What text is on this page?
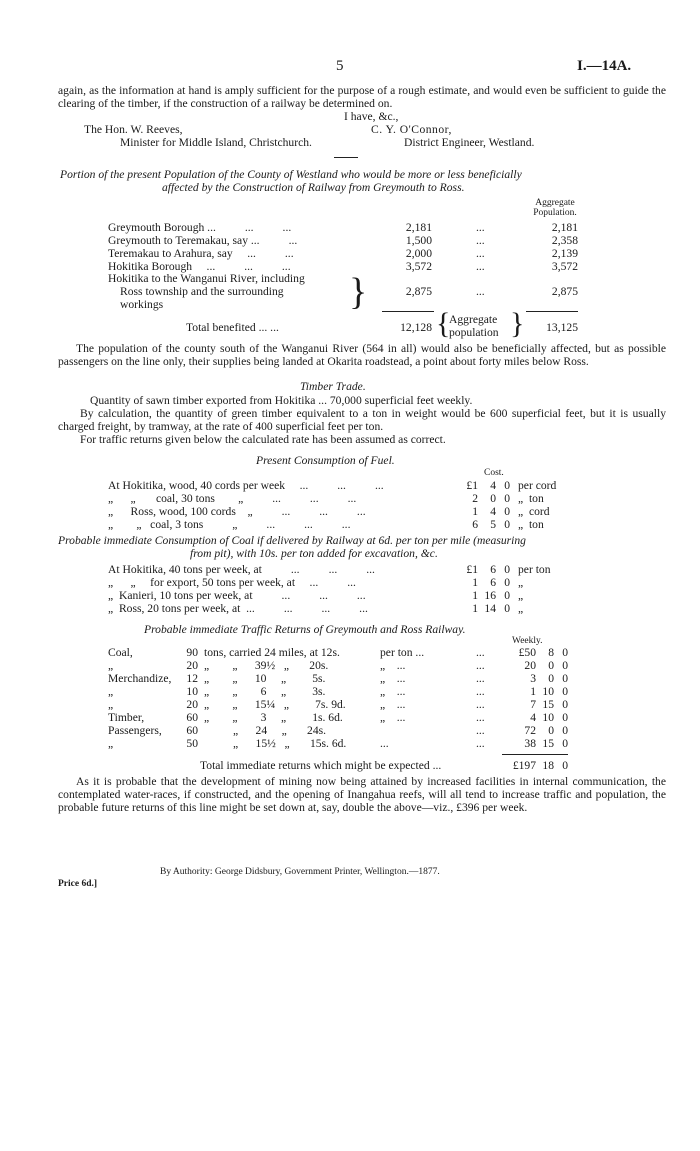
5	I.—14A.

again, as the information at hand is amply sufficient for the purpose of a rough estimate, and would even be sufficient to guide the clearing of the timber, if the construction of a railway be determined on.

I have, &c.,
The Hon. W. Reeves,
Minister for Middle Island, Christchurch.
C. Y. O'Connor,
District Engineer, Westland.
Portion of the present Population of the County of Westland who would be more or less beneficially
affected by the Construction of Railway from Greymouth to Ross.
Aggregate
Population.
Greymouth Borough ...          ...          ...	2,181	...	2,181
Greymouth to Teremakau, say ...          ...	1,500	...	2,358
Teremakau to Arahura, say     ...          ...	2,000	...	2,139
Hokitika Borough     ...          ...          ...	3,572	...	3,572
Hokitika to the Wanganui River, including
Ross township and the surrounding
workings	}	2,875	...	2,875
Total benefited ... ...	12,128 {
Aggregate
population }	13,125

The population of the county south of the Wanganui River (564 in all) would also be beneficially affected, but as possible passengers on the line only, their supplies being landed at Okarita roadstead, a point about forty miles below Ross.

Timber Trade.
Quantity of sawn timber exported from Hokitika ... 70,000 superficial feet weekly.

By calculation, the quantity of green timber equivalent to a ton in weight would be 600 superficial feet, but it is usually charged freight, by tramway, at the rate of 400 superficial feet per ton.

For traffic returns given below the calculated rate has been assumed as correct.
Present Consumption of Fuel.
Cost.
At Hokitika, wood, 40 cords per week     ...          ...          ...	£1	4 0 per cord
„      „       coal, 30 tons        „          ...          ...          ...	2	0 0 „  ton
„      Ross, wood, 100 cords    „          ...          ...          ...	1	4 0 „  cord
„        „   coal, 3 tons          „          ...          ...          ...	6	5 0 „  ton
Probable immediate Consumption of Coal if delivered by Railway at 6d. per ton per mile (measuring
from pit), with 10s. per ton added for excavation, &c.
At Hokitika, 40 tons per week, at          ...          ...          ...	£1	6 0 per ton
„      „     for export, 50 tons per week, at     ...          ...	1	6 0 „
„  Kanieri, 10 tons per week, at          ...          ...          ...	1 16 0 „
„  Ross, 20 tons per week, at  ...          ...          ...          ...	1 14 0 „
Probable immediate Traffic Returns of Greymouth and Ross Railway.
Weekly.
Coal,	90 tons, carried 24 miles, at 12s.	per ton ...	...	£50	8 0
„	20 „        „      39½   „       20s.	„    ...	...	20	0 0
Merchandize,	12 „        „      10     „         5s.	„    ...	...	3	0 0
„	10 „        „        6     „         3s.	„    ...	...	1 10 0
„	20 „        „      15¼   „         7s. 9d.	„    ...	...	7 15 0
Timber,	60 „        „        3     „         1s. 6d.	„    ...	...	4 10 0
Passengers,	60 „      24     „       24s.	...	72	0 0
„	50 „      15½   „       15s. 6d.	...	...	38 15 0
Total immediate returns which might be expected ...	£197 18 0

As it is probable that the development of mining now being attained by increased facilities in internal communication, the contemplated water-races, if constructed, and the opening of Inangahua reefs, will all tend to increase traffic and population, the probable future returns of this line might be set down at, say, double the above—viz., £396 per week.

By Authority: George Didsbury, Government Printer, Wellington.—1877.
Price 6d.]
